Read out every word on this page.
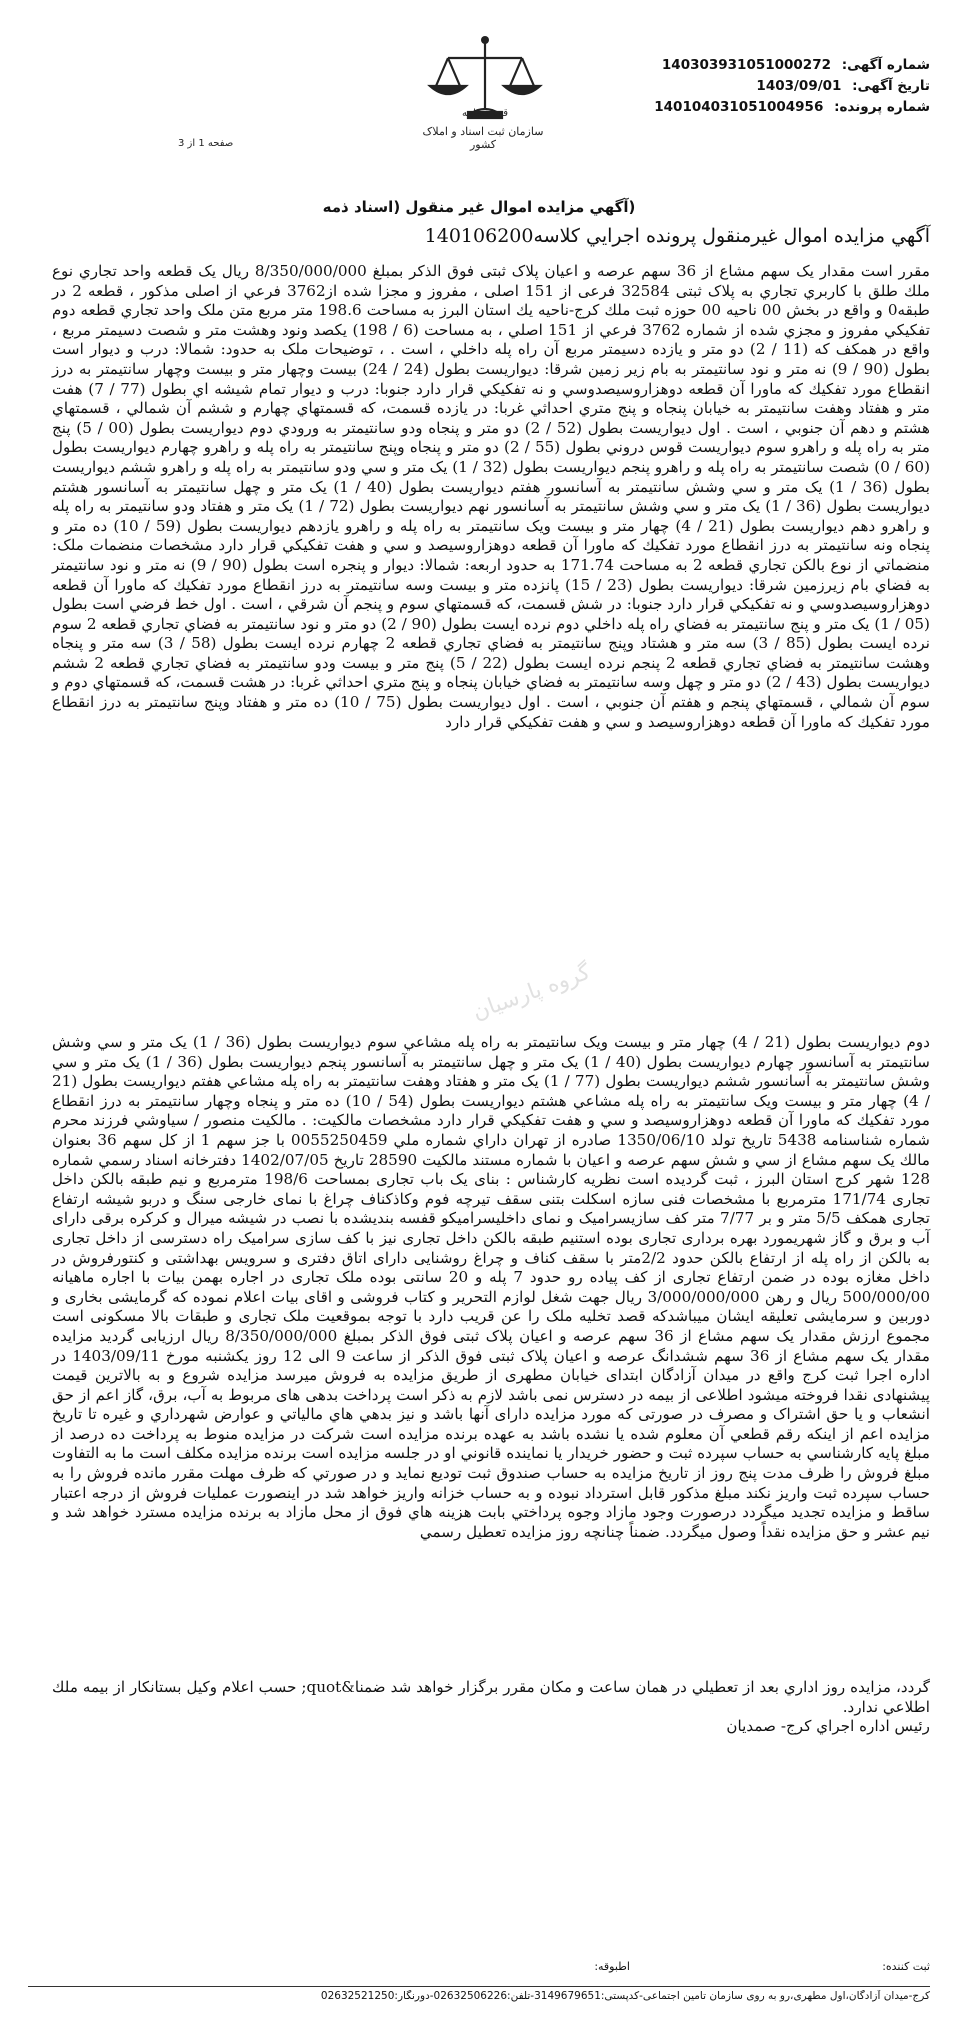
شماره آگهی: 140303931051000272
تاریخ آگهی: 1403/09/01
شماره پرونده: 140104031051004956
قوه قضاییه
سازمان ثبت اسناد و املاک کشور
صفحه 1 از 3
(آگهي مزايده اموال غير منقول (اسناد ذمه
آگهي مزايده اموال غيرمنقول پرونده اجرايي كلاسه140106200
مقرر است مقدار یک سهم مشاع از 36 سهم عرصه و اعیان پلاک ثبتی فوق الذکر بمبلغ 8/350/000/000 ریال یک قطعه واحد تجاري نوع ملك طلق با كاربري تجاري به پلاک ثبتی 32584 فرعی از 151 اصلی ، مفروز و مجزا شده از3762 فرعي از اصلی مذکور ، قطعه 2 در طبقه0 و واقع در بخش 00 ناحيه 00 حوزه ثبت ملك كرج-ناحيه يك استان البرز به مساحت 198.6 متر مربع متن ملک واحد تجاري قطعه دوم تفكيكي مفروز و مجزي شده از شماره 3762 فرعي از 151 اصلي ، به مساحت (6 / 198) يكصد ونود وهشت متر و شصت دسيمتر مربع ، واقع در همكف كه (11 / 2) دو متر و يازده دسيمتر مربع آن راه پله داخلي ، است . ، توضيحات ملک به حدود: شمالا: درب و ديوار است بطول (90 / 9) نه متر و نود سانتيمتر به بام زير زمين شرقا: ديواريست بطول (24 / 24) بيست وچهار متر و بيست وچهار سانتيمتر به درز انقطاع مورد تفكيك كه ماورا آن قطعه دوهزاروسيصدوسي و نه تفكيكي قرار دارد جنوبا: درب و ديوار تمام شيشه اي بطول (77 / 7) هفت متر و هفتاد وهفت سانتيمتر به خيابان پنجاه و پنج متري احداثي غربا: در يازده قسمت، كه قسمتهاي چهارم و ششم آن شمالي ، قسمتهاي هشتم و دهم آن جنوبي ، است . اول ديواريست بطول (52 / 2) دو متر و پنجاه ودو سانتيمتر به ورودي دوم ديواريست بطول (00 / 5) پنج متر به راه پله و راهرو سوم ديواريست قوس دروني بطول (55 / 2) دو متر و پنجاه وپنج سانتيمتر به راه پله و راهرو چهارم ديواريست بطول (60 / 0) شصت سانتيمتر به راه پله و راهرو پنجم ديواريست بطول (32 / 1) يک متر و سي ودو سانتيمتر به راه پله و راهرو ششم ديواريست بطول (36 / 1) يک متر و سي وشش سانتيمتر به آسانسور هفتم ديواريست بطول (40 / 1) يک متر و چهل سانتيمتر به آسانسور هشتم ديواريست بطول (36 / 1) يک متر و سي وشش سانتيمتر به آسانسور نهم ديواريست بطول (72 / 1) يک متر و هفتاد ودو سانتيمتر به راه پله و راهرو دهم ديواريست بطول (21 / 4) چهار متر و بيست ويک سانتيمتر به راه پله و راهرو يازدهم ديواريست بطول (59 / 10) ده متر و پنجاه ونه سانتيمتر به درز انقطاع مورد تفكيك كه ماورا آن قطعه دوهزاروسيصد و سي و هفت تفكيكي قرار دارد مشخصات منضمات ملک: منضماتي از نوع بالكن تجاري قطعه 2 به مساحت 171.74 به حدود اربعه: شمالا: ديوار و پنجره است بطول (90 / 9) نه متر و نود سانتيمتر به فضاي بام زيرزمين شرقا: ديواريست بطول (23 / 15) پانزده متر و بيست وسه سانتيمتر به درز انقطاع مورد تفكيك كه ماورا آن قطعه دوهزاروسيصدوسي و نه تفكيكي قرار دارد جنوبا: در شش قسمت، كه قسمتهاي سوم و پنجم آن شرقي ، است . اول خط فرضي است بطول (05 / 1) يک متر و پنج سانتيمتر به فضاي راه پله داخلي دوم نرده ايست بطول (90 / 2) دو متر و نود سانتيمتر به فضاي تجاري قطعه 2 سوم نرده ايست بطول (85 / 3) سه متر و هشتاد وپنج سانتيمتر به فضاي تجاري قطعه 2 چهارم نرده ايست بطول (58 / 3) سه متر و پنجاه وهشت سانتيمتر به فضاي تجاري قطعه 2 پنجم نرده ايست بطول (22 / 5) پنج متر و بيست ودو سانتيمتر به فضاي تجاري قطعه 2 ششم ديواريست بطول (43 / 2) دو متر و چهل وسه سانتيمتر به فضاي خيابان پنجاه و پنج متري احداثي غربا: در هشت قسمت، كه قسمتهاي دوم و سوم آن شمالي ، قسمتهاي پنجم و هفتم آن جنوبي ، است . اول ديواريست بطول (75 / 10) ده متر و هفتاد وپنج سانتيمتر به درز انقطاع مورد تفكيك كه ماورا آن قطعه دوهزاروسيصد و سي و هفت تفكيكي قرار دارد
گروه پارسیان
دوم ديواريست بطول (21 / 4) چهار متر و بيست ويک سانتيمتر به راه پله مشاعي سوم ديواريست بطول (36 / 1) يک متر و سي وشش سانتيمتر به آسانسور چهارم ديواريست بطول (40 / 1) يک متر و چهل سانتيمتر به آسانسور پنجم ديواريست بطول (36 / 1) يک متر و سي وشش سانتيمتر به آسانسور ششم ديواريست بطول (77 / 1) يک متر و هفتاد وهفت سانتيمتر به راه پله مشاعي هفتم ديواريست بطول (21 / 4) چهار متر و بيست ويک سانتيمتر به راه پله مشاعي هشتم ديواريست بطول (54 / 10) ده متر و پنجاه وچهار سانتيمتر به درز انقطاع مورد تفكيك كه ماورا آن قطعه دوهزاروسيصد و سي و هفت تفكيكي قرار دارد مشخصات مالكيت: . مالكيت منصور / سياوشي فرزند محرم شماره شناسنامه 5438 تاريخ تولد 1350/06/10 صادره از تهران داراي شماره ملي 0055250459 با جز سهم 1 از کل سهم 36 بعنوان مالك يک سهم مشاع از سي و شش سهم عرصه و اعيان با شماره مستند مالكيت 28590 تاريخ 1402/07/05 دفترخانه اسناد رسمي شماره 128 شهر كرج استان البرز ، ثبت گرديده است نظريه کارشناس : بنای یک باب تجاری بمساحت 198/6 مترمربع و نیم طبقه بالکن داخل تجاری 171/74 مترمربع با مشخصات فنی سازه اسکلت بتنی سقف تیرچه فوم وکاذکناف چراغ با نمای خارجی سنگ و دربو شیشه ارتفاع تجاری همکف 5/5 متر و بر 7/77 متر کف سازیسرامیک و نمای داخلیسرامیکو قفسه بندیشده با نصب در شیشه میرال و کرکره برقی دارای آب و برق و گاز شهریمورد بهره برداری تجاری بوده استنیم طبقه بالکن داخل تجاری نیز با کف سازی سرامیک راه دسترسی از داخل تجاری به بالکن از راه پله از ارتفاع بالکن حدود 2/2متر با سقف کناف و چراغ روشنایی دارای اتاق دفتری و سرویس بهداشتی و کنتورفروش در داخل مغازه بوده در ضمن ارتفاع تجاری از کف پیاده رو حدود 7 پله و 20 سانتی بوده ملک تجاری در اجاره بهمن بیات با اجاره ماهیانه 500/000/00 ریال و رهن 3/000/000/000 ریال جهت شغل لوازم التحریر و کتاب فروشی و اقای بیات اعلام نموده که گرمایشی بخاری و دوربین و سرمایشی تعلیقه ایشان میباشدکه قصد تخلیه ملک را عن قریب دارد با توجه بموقعیت ملک تجاری و طبقات بالا مسکونی است مجموع ارزش مقدار یک سهم مشاع از 36 سهم عرصه و اعیان پلاک ثبتی فوق الذکر بمبلغ 8/350/000/000 ریال ارزیابی گردید مزایده مقدار یک سهم مشاع از 36 سهم ششدانگ عرصه و اعیان پلاک ثبتی فوق الذکر از ساعت 9 الی 12 روز یکشنبه مورخ 1403/09/11 در اداره اجرا ثبت کرج واقع در میدان آزادگان ابتدای خیابان مطهری از طریق مزایده به فروش میرسد مزایده شروع و به بالاترین قیمت پیشنهادی نقدا فروخته میشود اطلاعی از بیمه در دسترس نمی باشد لازم به ذکر است پرداخت بدهی های مربوط به آب، برق، گاز اعم از حق انشعاب و یا حق اشتراک و مصرف در صورتی که مورد مزایده دارای آنها باشد و نیز بدهي هاي مالياتي و عوارض شهرداري و غيره تا تاريخ مزايده اعم از اينکه رقم قطعي آن معلوم شده يا نشده باشد به عهده برنده مزايده است شرکت در مزايده منوط به پرداخت ده درصد از مبلغ پايه کارشناسي به حساب سپرده ثبت و حضور خريدار يا نماينده قانوني او در جلسه مزايده است برنده مزايده مکلف است ما به التفاوت مبلغ فروش را ظرف مدت پنج روز از تاريخ مزايده به حساب صندوق ثبت توديع نمايد و در صورتي كه ظرف مهلت مقرر مانده فروش را به حساب سپرده ثبت واريز نكند مبلغ مذكور قابل استرداد نبوده و به حساب خزانه واريز خواهد شد در اينصورت عمليات فروش از درجه اعتبار ساقط و مزايده تجديد ميگردد درصورت وجود مازاد وجوه پرداختي بابت هزينه هاي فوق از محل مازاد به برنده مزايده مسترد خواهد شد و نيم عشر و حق مزايده نقداً وصول ميگردد. ضمناً چنانچه روز مزايده تعطيل رسمي
گردد، مزايده روز اداري بعد از تعطيلي در همان ساعت و مكان مقرر برگزار خواهد شد ضمنا&quot; حسب اعلام وكيل بستانكار از بيمه ملك اطلاعي ندارد.
رئيس اداره اجراي كرج- صمديان
ثبت کننده:
اطبوقه:
کرج-میدان آزادگان،اول مطهری،رو به روی سازمان تامین اجتماعی-کدپستی:3149679651-تلفن:02632506226-دورنگار:02632521250
